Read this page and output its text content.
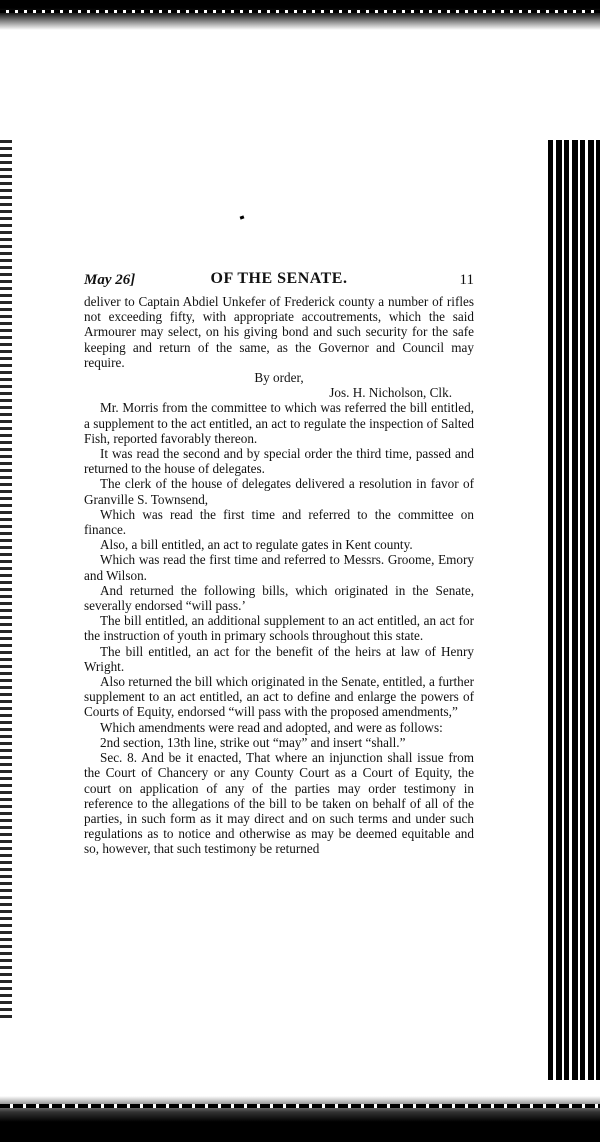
May 26]	OF THE SENATE.	11

deliver to Captain Abdiel Unkefer of Frederick county a number of rifles not exceeding fifty, with appropriate accoutrements, which the said Armourer may select, on his giving bond and such security for the safe keeping and return of the same, as the Governor and Council may require.

By order,

Jos. H. Nicholson, Clk.

Mr. Morris from the committee to which was referred the bill entitled, a supplement to the act entitled, an act to regulate the inspection of Salted Fish, reported favorably thereon.

It was read the second and by special order the third time, passed and returned to the house of delegates.

The clerk of the house of delegates delivered a resolution in favor of Granville S. Townsend,

Which was read the first time and referred to the committee on finance.

Also, a bill entitled, an act to regulate gates in Kent county.

Which was read the first time and referred to Messrs. Groome, Emory and Wilson.

And returned the following bills, which originated in the Senate, severally endorsed “will pass.’

The bill entitled, an additional supplement to an act entitled, an act for the instruction of youth in primary schools throughout this state.

The bill entitled, an act for the benefit of the heirs at law of Henry Wright.

Also returned the bill which originated in the Senate, entitled, a further supplement to an act entitled, an act to define and enlarge the powers of Courts of Equity, endorsed “will pass with the proposed amendments,”

Which amendments were read and adopted, and were as follows:

2nd section, 13th line, strike out “may” and insert “shall.”

Sec. 8. And be it enacted, That where an injunction shall issue from the Court of Chancery or any County Court as a Court of Equity, the court on application of any of the parties may order testimony in reference to the allegations of the bill to be taken on behalf of all of the parties, in such form as it may direct and on such terms and under such regulations as to notice and otherwise as may be deemed equitable and so, however, that such testimony be returned
